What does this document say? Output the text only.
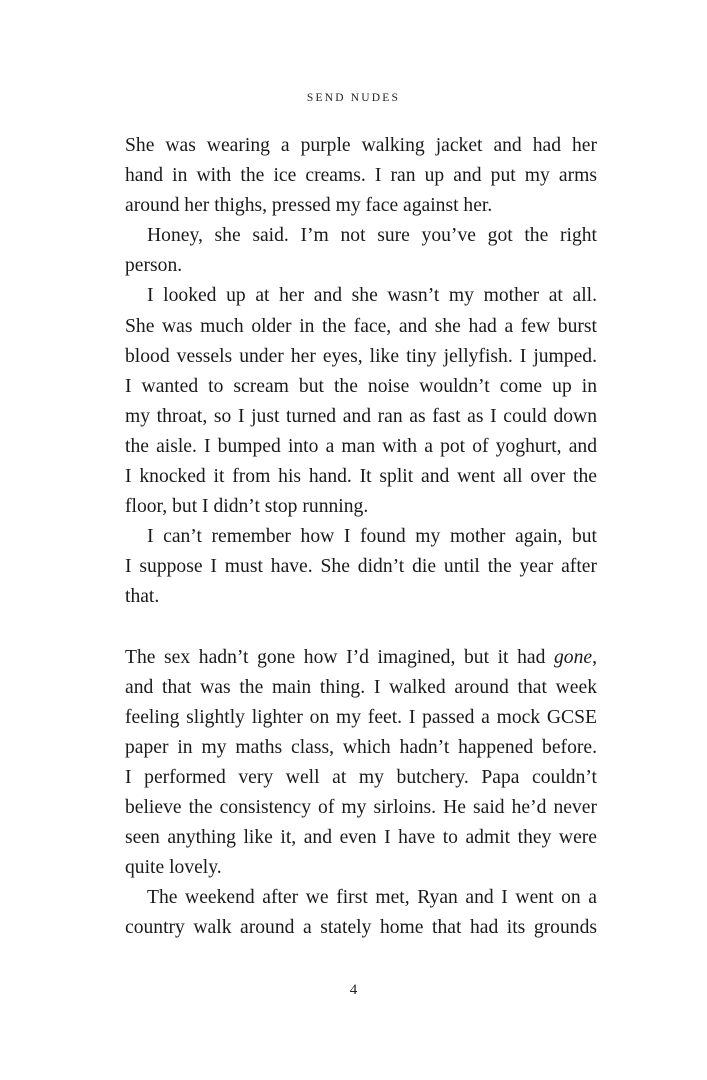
SEND NUDES
She was wearing a purple walking jacket and had her
hand in with the ice creams. I ran up and put my arms
around her thighs, pressed my face against her.
Honey, she said. I’m not sure you’ve got the right
person.
I looked up at her and she wasn’t my mother at all.
She was much older in the face, and she had a few burst
blood vessels under her eyes, like tiny jellyfish. I jumped.
I wanted to scream but the noise wouldn’t come up in
my throat, so I just turned and ran as fast as I could down
the aisle. I bumped into a man with a pot of yoghurt, and
I knocked it from his hand. It split and went all over the
floor, but I didn’t stop running.
I can’t remember how I found my mother again, but
I suppose I must have. She didn’t die until the year after
that.
The sex hadn’t gone how I’d imagined, but it had gone,
and that was the main thing. I walked around that week
feeling slightly lighter on my feet. I passed a mock GCSE
paper in my maths class, which hadn’t happened before.
I performed very well at my butchery. Papa couldn’t
believe the consistency of my sirloins. He said he’d never
seen anything like it, and even I have to admit they were
quite lovely.
The weekend after we first met, Ryan and I went on a
country walk around a stately home that had its grounds
4
